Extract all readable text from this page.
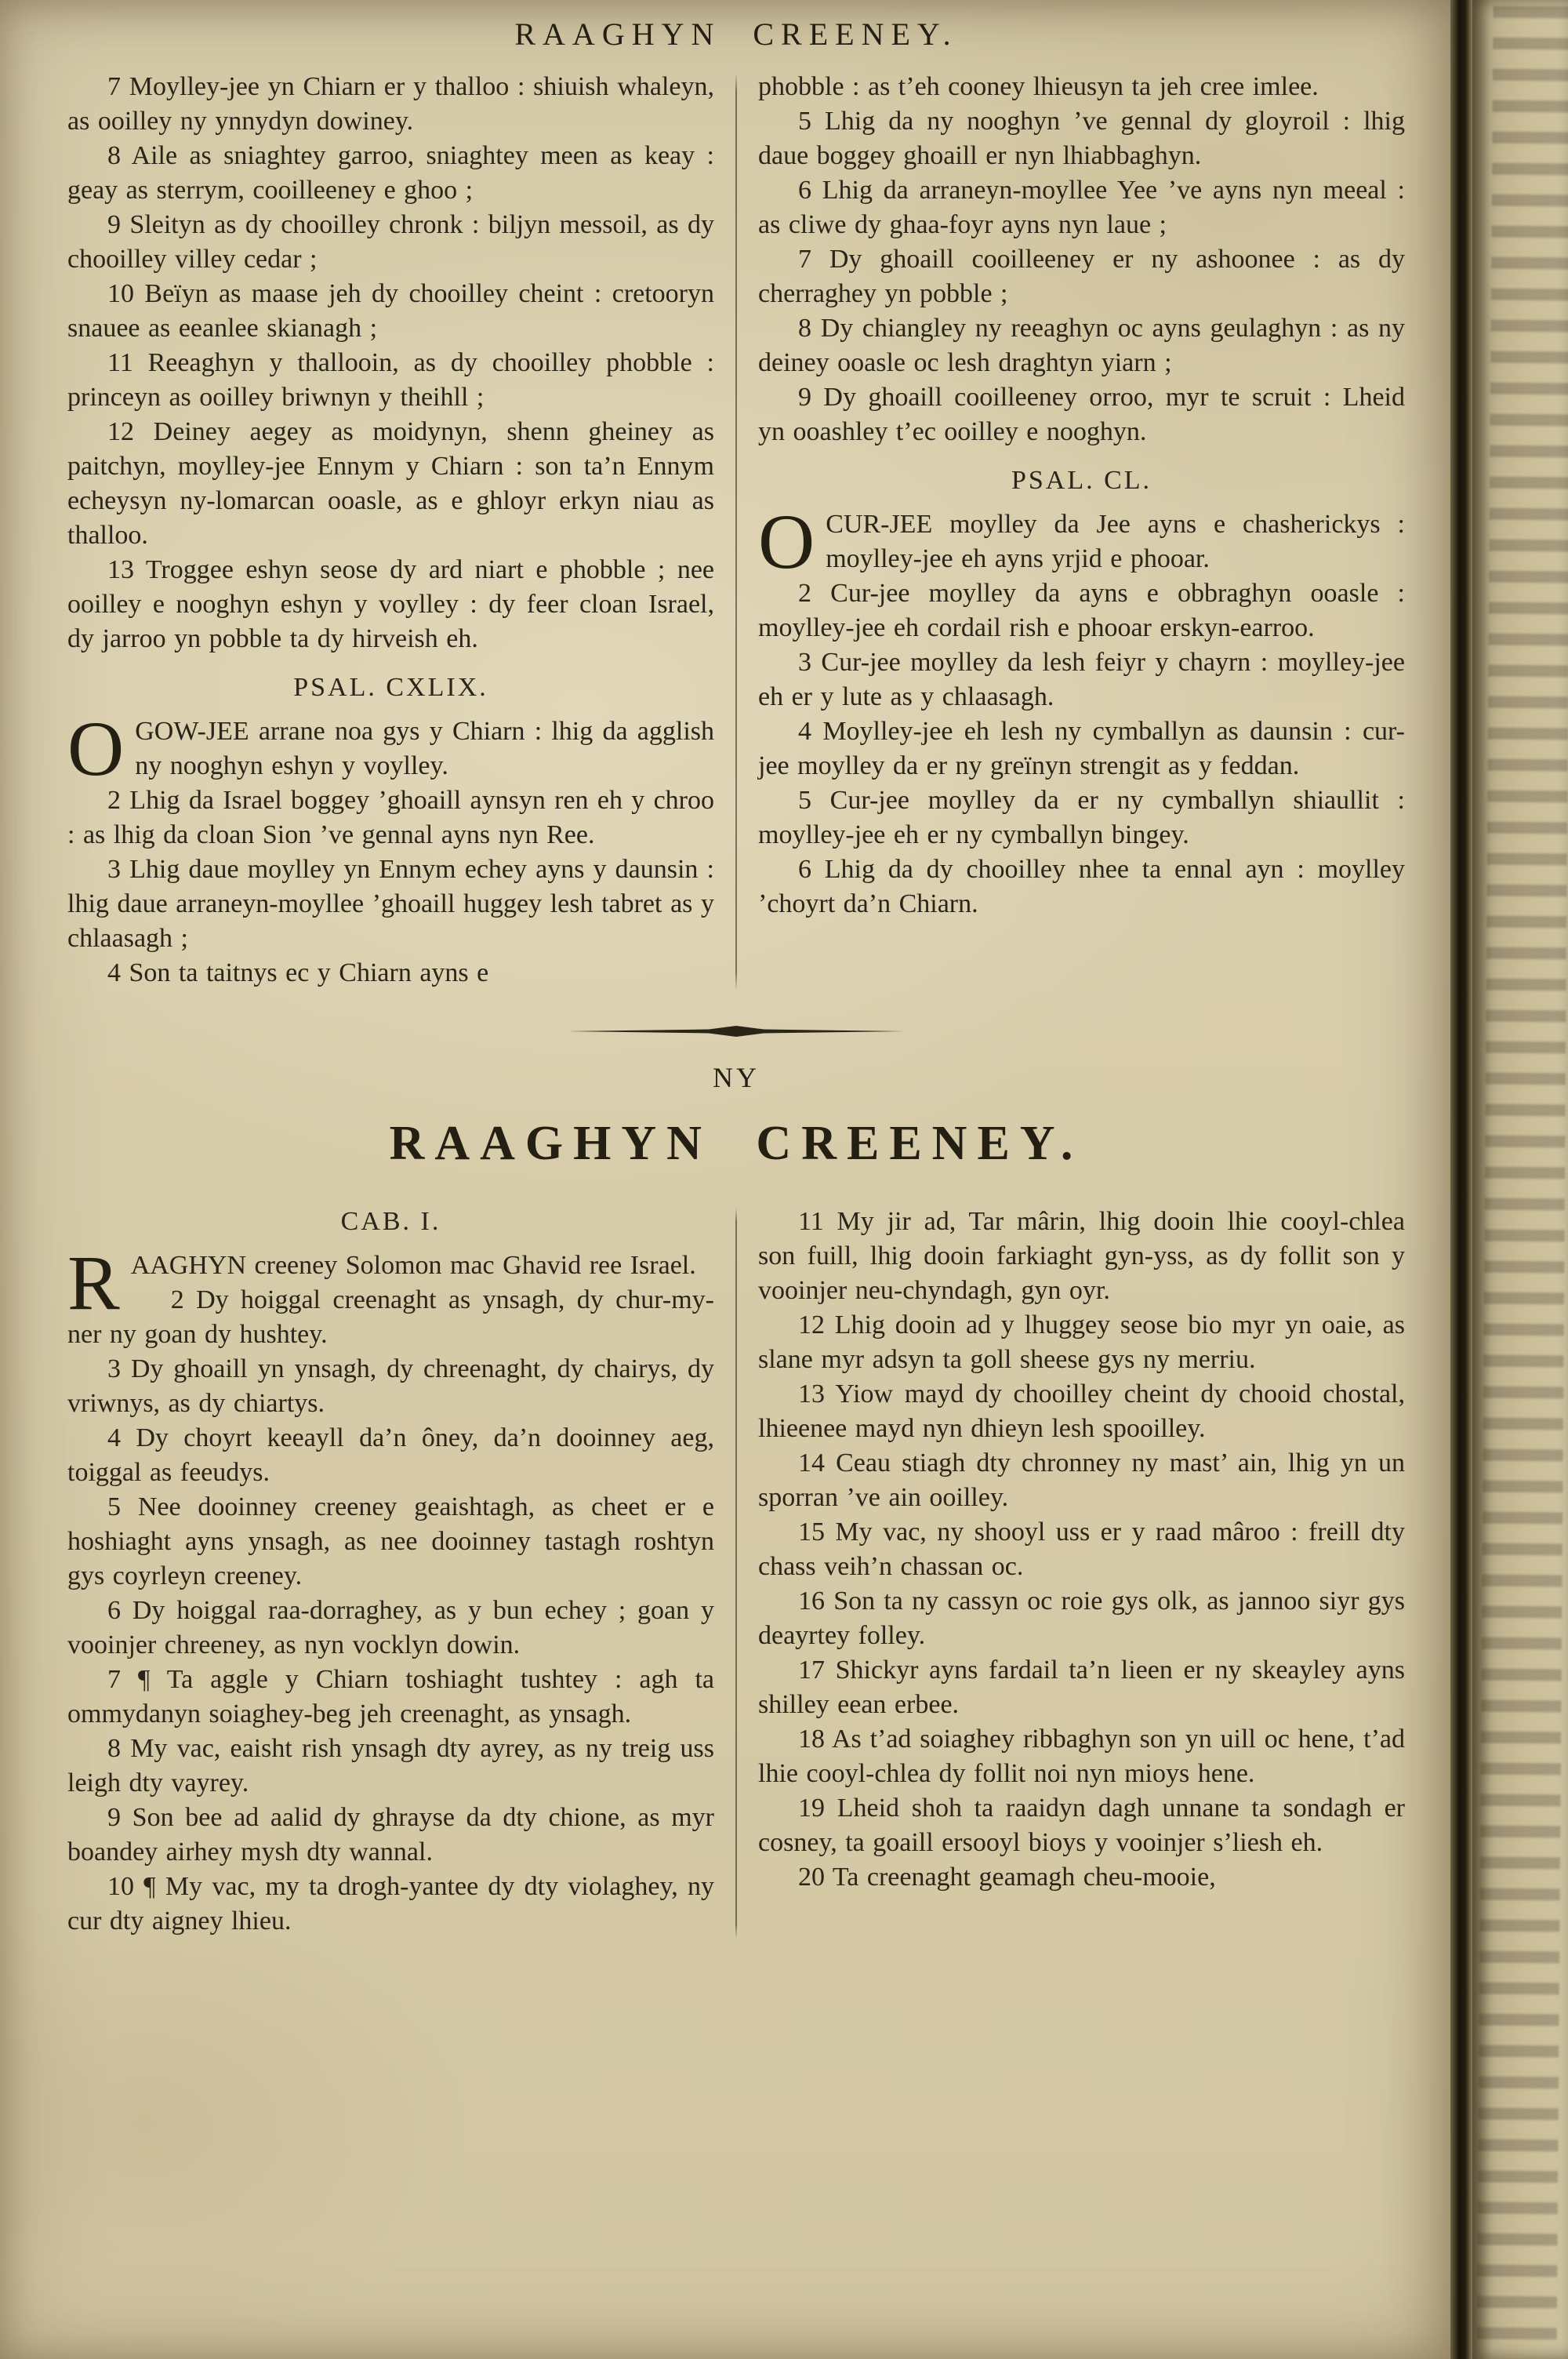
RAAGHYN CREENEY.

7 Moylley-jee yn Chiarn er y thalloo : shiuish whaleyn, as ooilley ny ynnydyn dowiney.

8 Aile as sniaghtey garroo, sniaghtey meen as keay : geay as sterrym, cooilleeney e ghoo ;

9 Sleityn as dy chooilley chronk : biljyn messoil, as dy chooilley villey cedar ;

10 Beïyn as maase jeh dy chooilley cheint : cretooryn snauee as eeanlee skianagh ;

11 Reeaghyn y thallooin, as dy chooilley phobble : princeyn as ooilley briwnyn y theihll ;

12 Deiney aegey as moidynyn, shenn gheiney as paitchyn, moylley-jee Ennym y Chiarn : son ta’n Ennym echeysyn ny-lomarcan ooasle, as e ghloyr erkyn niau as thalloo.

13 Troggee eshyn seose dy ard niart e phobble ; nee ooilley e nooghyn eshyn y voylley : dy feer cloan Israel, dy jarroo yn pobble ta dy hirveish eh.

PSAL. CXLIX.

OGOW-JEE arrane noa gys y Chiarn : lhig da agglish ny nooghyn eshyn y voylley.

2 Lhig da Israel boggey ’ghoaill aynsyn ren eh y chroo : as lhig da cloan Sion ’ve gennal ayns nyn Ree.

3 Lhig daue moylley yn Ennym echey ayns y daunsin : lhig daue arraneyn-moyllee ’ghoaill huggey lesh tabret as y chlaasagh ;

4 Son ta taitnys ec y Chiarn ayns e

phobble : as t’eh cooney lhieusyn ta jeh cree imlee.

5 Lhig da ny nooghyn ’ve gennal dy gloyroil : lhig daue boggey ghoaill er nyn lhiabbaghyn.

6 Lhig da arraneyn-moyllee Yee ’ve ayns nyn meeal : as cliwe dy ghaa-foyr ayns nyn laue ;

7 Dy ghoaill cooilleeney er ny ashoonee : as dy cherraghey yn pobble ;

8 Dy chiangley ny reeaghyn oc ayns geulaghyn : as ny deiney ooasle oc lesh draghtyn yiarn ;

9 Dy ghoaill cooilleeney orroo, myr te scruit : Lheid yn ooashley t’ec ooilley e nooghyn.

PSAL. CL.

OCUR-JEE moylley da Jee ayns e chasherickys : moylley-jee eh ayns yrjid e phooar.

2 Cur-jee moylley da ayns e obbraghyn ooasle : moylley-jee eh cordail rish e phooar erskyn-earroo.

3 Cur-jee moylley da lesh feiyr y chayrn : moylley-jee eh er y lute as y chlaasagh.

4 Moylley-jee eh lesh ny cymballyn as daunsin : cur-jee moylley da er ny greïnyn strengit as y feddan.

5 Cur-jee moylley da er ny cymballyn shiaullit : moylley-jee eh er ny cymballyn bingey.

6 Lhig da dy chooilley nhee ta ennal ayn : moylley ’choyrt da’n Chiarn.

NY
RAAGHYN CREENEY.
CAB. I.

RAAGHYN creeney Solomon mac Ghavid ree Israel.

2 Dy hoiggal creenaght as ynsagh, dy chur-my-ner ny goan dy hushtey.

3 Dy ghoaill yn ynsagh, dy chreenaght, dy chairys, dy vriwnys, as dy chiartys.

4 Dy choyrt keeayll da’n ôney, da’n dooinney aeg, toiggal as feeudys.

5 Nee dooinney creeney geaishtagh, as cheet er e hoshiaght ayns ynsagh, as nee dooinney tastagh roshtyn gys coyrleyn creeney.

6 Dy hoiggal raa-dorraghey, as y bun echey ; goan y vooinjer chreeney, as nyn vocklyn dowin.

7 ¶ Ta aggle y Chiarn toshiaght tushtey : agh ta ommydanyn soiaghey-beg jeh creenaght, as ynsagh.

8 My vac, eaisht rish ynsagh dty ayrey, as ny treig uss leigh dty vayrey.

9 Son bee ad aalid dy ghrayse da dty chione, as myr boandey airhey mysh dty wannal.

10 ¶ My vac, my ta drogh-yantee dy dty violaghey, ny cur dty aigney lhieu.

11 My jir ad, Tar mârin, lhig dooin lhie cooyl-chlea son fuill, lhig dooin farkiaght gyn-yss, as dy follit son y vooinjer neu-chyndagh, gyn oyr.

12 Lhig dooin ad y lhuggey seose bio myr yn oaie, as slane myr adsyn ta goll sheese gys ny merriu.

13 Yiow mayd dy chooilley cheint dy chooid chostal, lhieenee mayd nyn dhieyn lesh spooilley.

14 Ceau stiagh dty chronney ny mast’ ain, lhig yn un sporran ’ve ain ooilley.

15 My vac, ny shooyl uss er y raad mâroo : freill dty chass veih’n chassan oc.

16 Son ta ny cassyn oc roie gys olk, as jannoo siyr gys deayrtey folley.

17 Shickyr ayns fardail ta’n lieen er ny skeayley ayns shilley eean erbee.

18 As t’ad soiaghey ribbaghyn son yn uill oc hene, t’ad lhie cooyl-chlea dy follit noi nyn mioys hene.

19 Lheid shoh ta raaidyn dagh unnane ta sondagh er cosney, ta goaill ersooyl bioys y vooinjer s’liesh eh.

20 Ta creenaght geamagh cheu-mooie,
